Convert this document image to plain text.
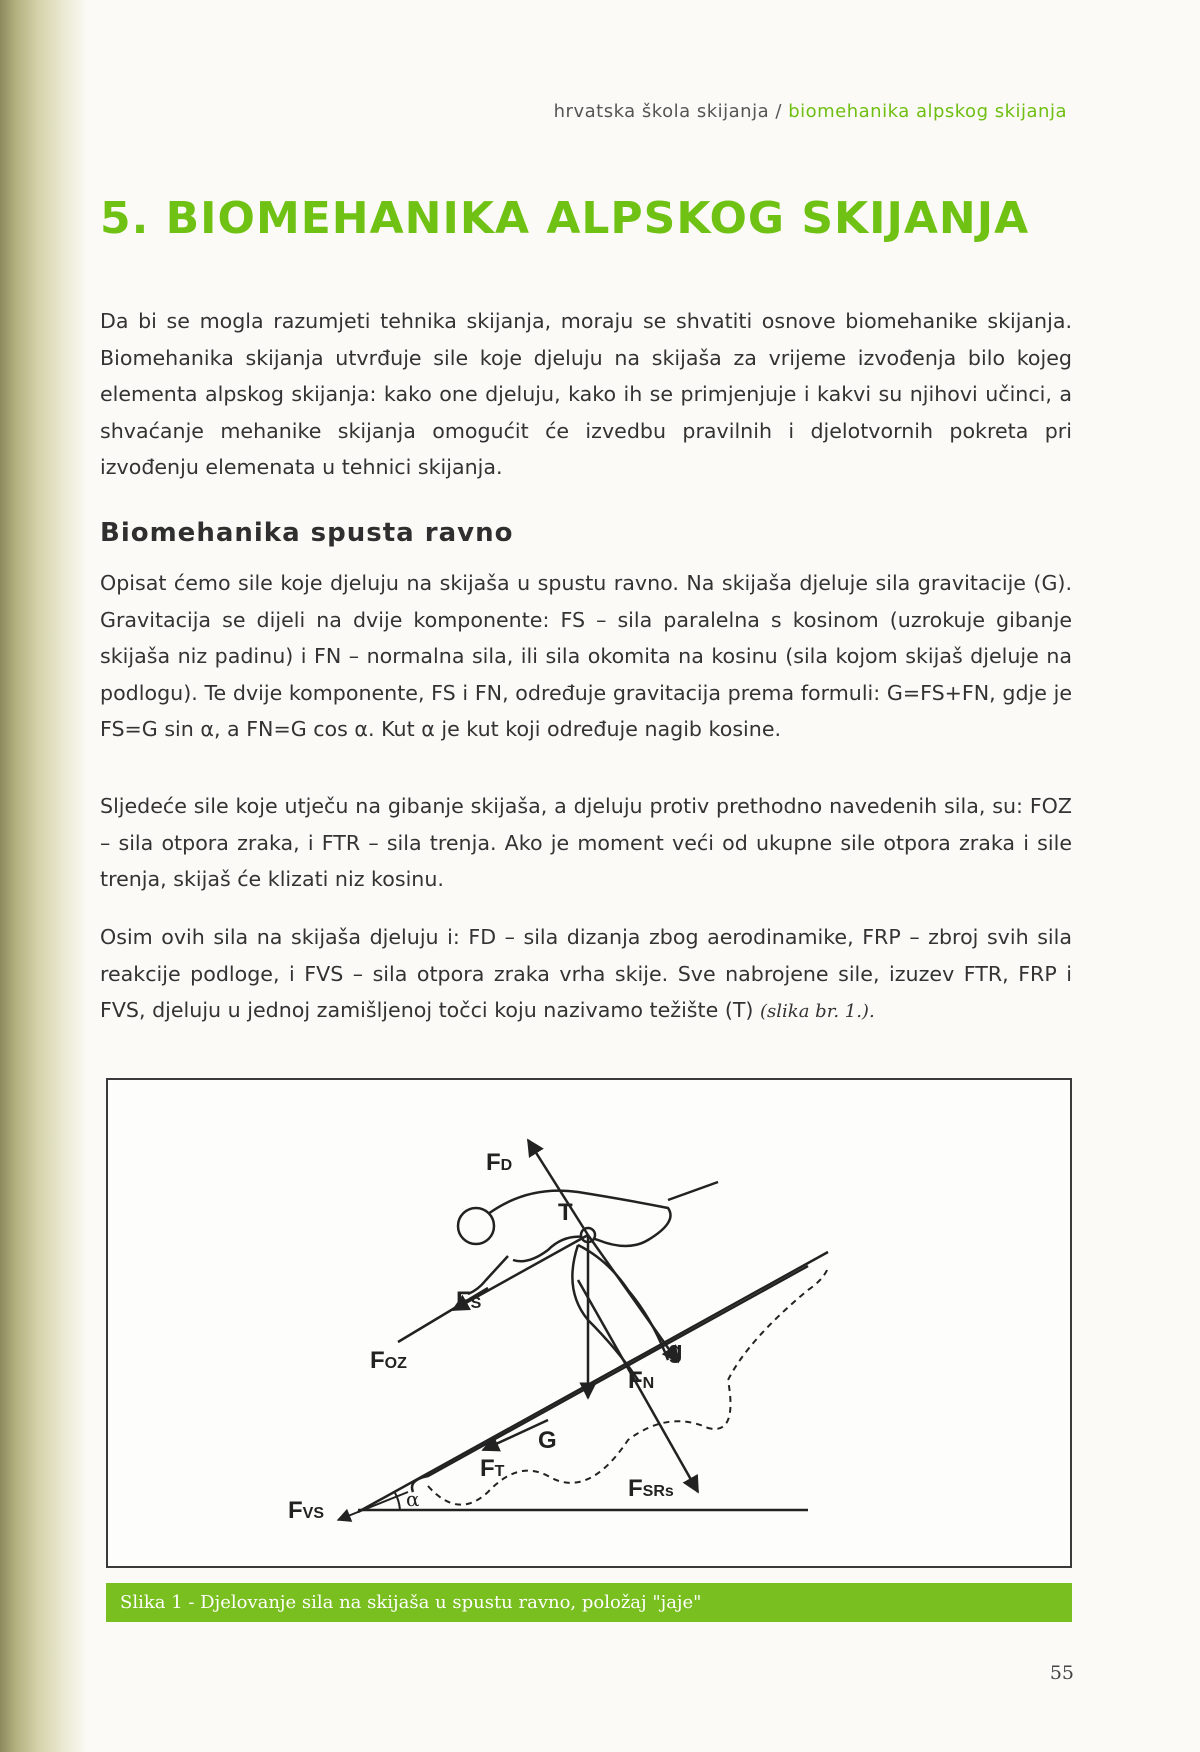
hrvatska škola skijanja / biomehanika alpskog skijanja
5. BIOMEHANIKA ALPSKOG SKIJANJA

Da bi se mogla razumjeti tehnika skijanja, moraju se shvatiti osnove biomehanike skijanja. Biomehanika skijanja utvrđuje sile koje djeluju na skijaša za vrijeme izvođenja bilo kojeg elementa alpskog skijanja: kako one djeluju, kako ih se primjenjuje i kakvi su njihovi učinci, a shvaćanje mehanike skijanja omogućit će izvedbu pravilnih i djelotvornih pokreta pri izvođenju elemenata u tehnici skijanja.

Biomehanika spusta ravno

Opisat ćemo sile koje djeluju na skijaša u spustu ravno. Na skijaša djeluje sila gravitacije (G). Gravitacija se dijeli na dvije komponente: FS – sila paralelna s kosinom (uzrokuje gibanje skijaša niz padinu) i FN – normalna sila, ili sila okomita na kosinu (sila kojom skijaš djeluje na podlogu). Te dvije komponente, FS i FN, određuje gravitacija prema formuli: G=FS+FN, gdje je FS=G sin α, a FN=G cos α. Kut α je kut koji određuje nagib kosine.

Sljedeće sile koje utječu na gibanje skijaša, a djeluju protiv prethodno navedenih sila, su: FOZ – sila otpora zraka, i FTR – sila trenja. Ako je moment veći od ukupne sile otpora zraka i sile trenja, skijaš će klizati niz kosinu.

Osim ovih sila na skijaša djeluju i: FD – sila dizanja zbog aerodinamike, FRP – zbroj svih sila reakcije podloge, i FVS – sila otpora zraka vrha skije. Sve nabrojene sile, izuzev FTR, FRP i FVS, djeluju u jednoj zamišljenoj točci koju nazivamo težište (T) (slika br. 1.).

FD
T
FS
FOZ	g
FN
G
FT
FSRs
FVS
α
Slika 1 - Djelovanje sila na skijaša u spustu ravno, položaj "jaje"
55
